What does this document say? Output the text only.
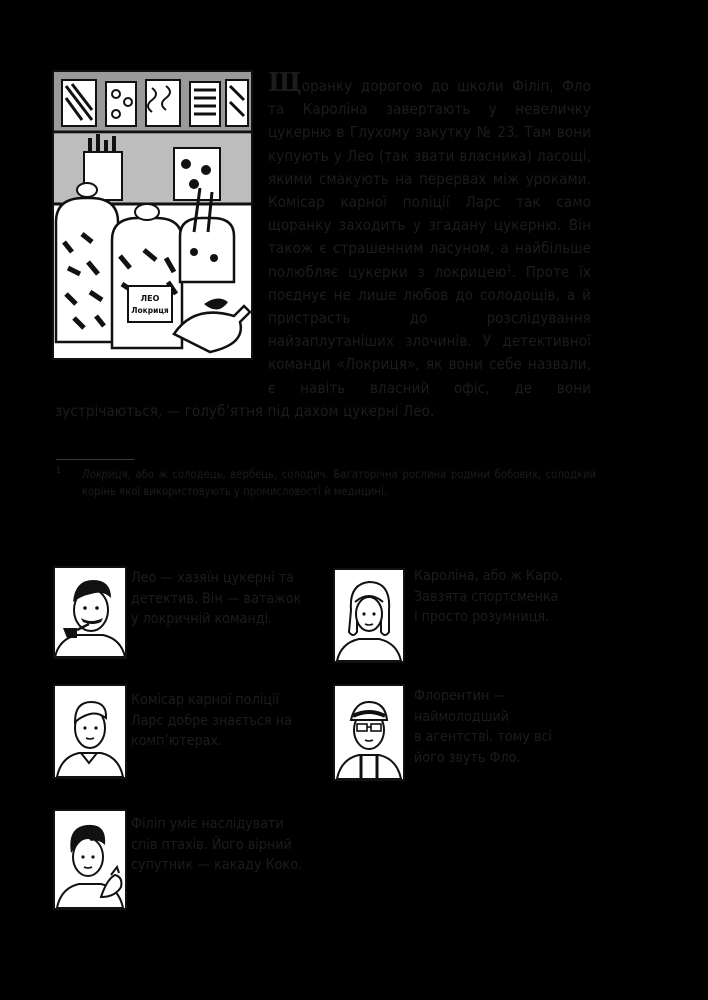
ЛЕО
Локриця
Щоранку дорогою до школи Філіп, Фло та Кароліна завертають у невеличку цукерню в Глухому закутку № 23. Там вони купують у Лео (так звати власника) ласощі, якими смакують на перервах між уроками. Комісар карної поліції Ларс так само щоранку заходить у згадану цукерню. Він також є страшенним ласуном, а найбільше полюбляє цукерки з локрицею$^1$. Проте їх поєднує не лише любов до солодощів, а й пристрасть до розслідування найзаплутаніших злочинів. У детективної команди «Локриця», як вони себе назвали, є навіть власний офіс, де вони зустрічаються, — голуб’ятня під дахом цукерні Лео.
1 Локриця, або ж солодець, вербець, солодич. Багаторічна рослина родини бобових, солодкий корінь якої використовують у промисловості й медицині.
Лео — хазяїн цукерні та
детектив. Він — ватажок
у локричній команді.
Кароліна, або ж Каро.
Завзята спортсменка
і просто розумниця.
Комісар карної поліції
Ларс добре знається на
комп’ютерах.
Флорентин —
наймолодший
в агентстві, тому всі
його звуть Фло.
Філіп уміє наслідувати
спів птахів. Його вірний
супутник — какаду Коко.
